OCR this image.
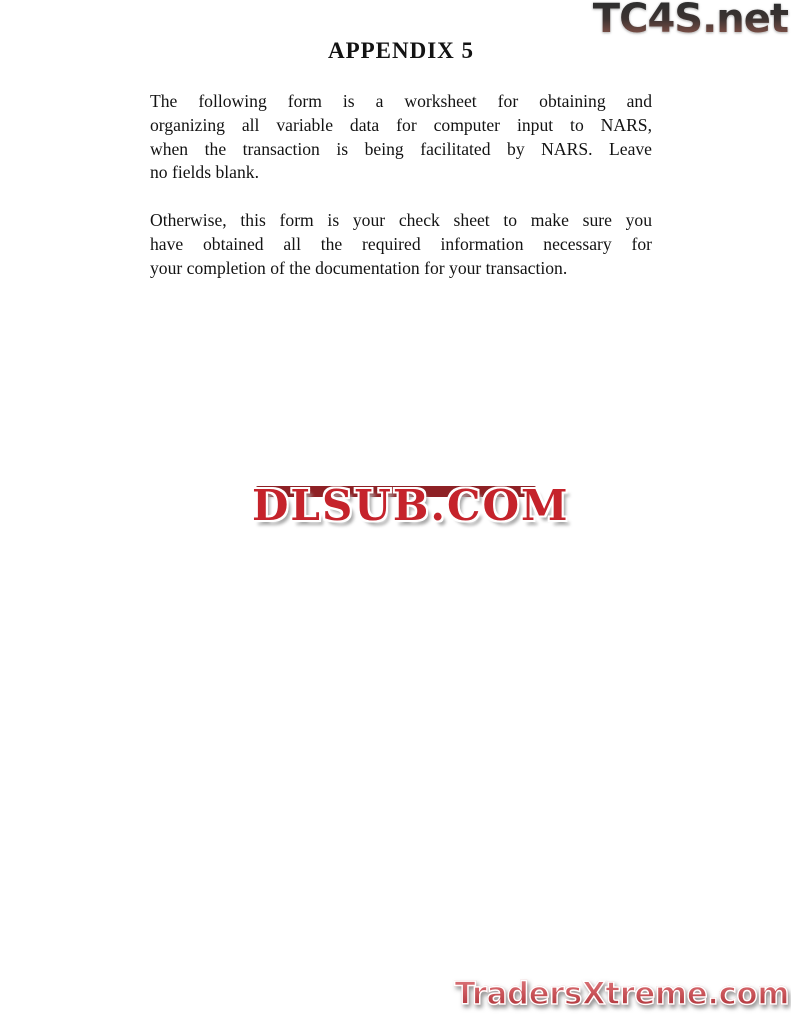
TC4S.net
APPENDIX 5
The following form is a worksheet for obtaining and
organizing all variable data for computer input to NARS,
when the transaction is being facilitated by NARS. Leave
no fields blank.
Otherwise, this form is your check sheet to make sure you
have obtained all the required information necessary for
your completion of the documentation for your transaction.
DLSUB.COM
TradersXtreme.com
